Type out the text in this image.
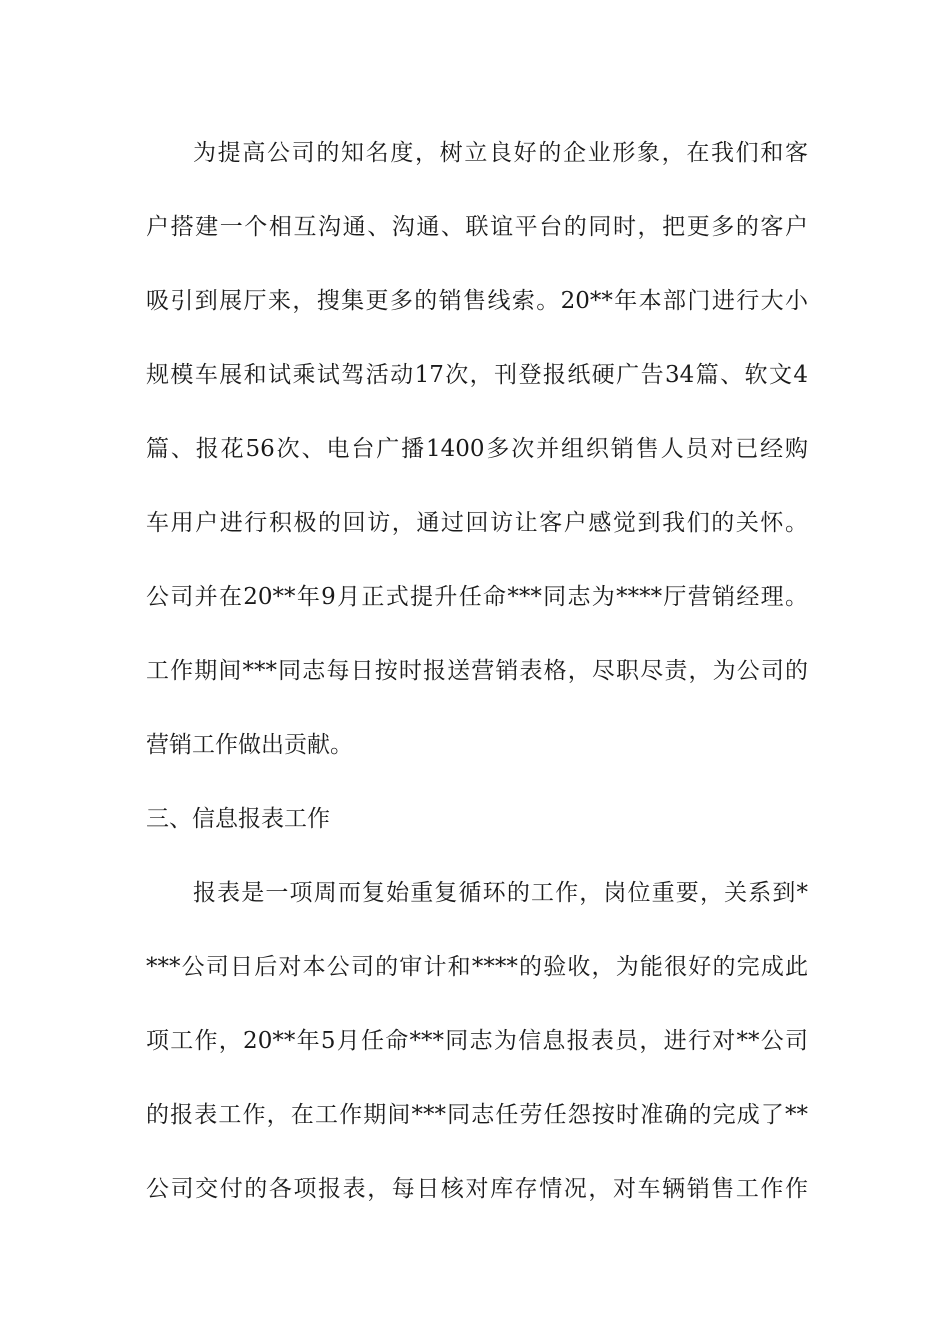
为提高公司的知名度，树立良好的企业形象，在我们和客
户搭建一个相互沟通、沟通、联谊平台的同时，把更多的客户
吸引到展厅来，搜集更多的销售线索。20**年本部门进行大小
规模车展和试乘试驾活动17次，刊登报纸硬广告34篇、软文4
篇、报花56次、电台广播1400多次并组织销售人员对已经购
车用户进行积极的回访，通过回访让客户感觉到我们的关怀。
公司并在20**年9月正式提升任命***同志为****厅营销经理。
工作期间***同志每日按时报送营销表格，尽职尽责，为公司的
营销工作做出贡献。
三、信息报表工作
报表是一项周而复始重复循环的工作，岗位重要，关系到*
***公司日后对本公司的审计和****的验收，为能很好的完成此
项工作，20**年5月任命***同志为信息报表员，进行对**公司
的报表工作，在工作期间***同志任劳任怨按时准确的完成了**
公司交付的各项报表，每日核对库存情况，对车辆销售工作作
